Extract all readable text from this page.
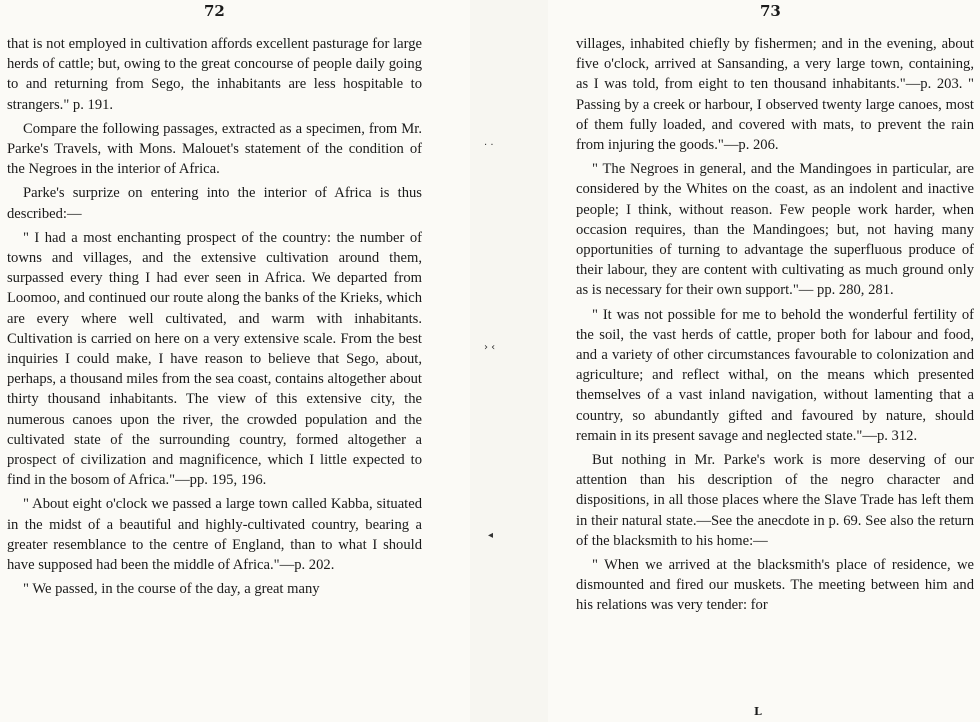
72

that is not employed in cultivation affords excellent pasturage for large herds of cattle; but, owing to the great concourse of people daily going to and returning from Sego, the inhabitants are less hospitable to strangers." p. 191.

Compare the following passages, extracted as a specimen, from Mr. Parke's Travels, with Mons. Malouet's statement of the condition of the Negroes in the interior of Africa.

Parke's surprize on entering into the interior of Africa is thus described:—

" I had a most enchanting prospect of the country: the number of towns and villages, and the extensive cultivation around them, surpassed every thing I had ever seen in Africa. We departed from Loomoo, and continued our route along the banks of the Krieks, which are every where well cultivated, and warm with inhabitants. Cultivation is carried on here on a very extensive scale. From the best inquiries I could make, I have reason to believe that Sego, about, perhaps, a thousand miles from the sea coast, contains altogether about thirty thousand inhabitants. The view of this extensive city, the numerous canoes upon the river, the crowded population and the cultivated state of the surrounding country, formed altogether a prospect of civilization and magnificence, which I little expected to find in the bosom of Africa."—pp. 195, 196.

" About eight o'clock we passed a large town called Kabba, situated in the midst of a beautiful and highly-cultivated country, bearing a greater resemblance to the centre of England, than to what I should have supposed had been the middle of Africa."—p. 202.

" We passed, in the course of the day, a great many

· ·
› ‹
◂
73

villages, inhabited chiefly by fishermen; and in the evening, about five o'clock, arrived at Sansanding, a very large town, containing, as I was told, from eight to ten thousand inhabitants."—p. 203. " Passing by a creek or harbour, I observed twenty large canoes, most of them fully loaded, and covered with mats, to prevent the rain from injuring the goods."—p. 206.

" The Negroes in general, and the Mandingoes in particular, are considered by the Whites on the coast, as an indolent and inactive people; I think, without reason. Few people work harder, when occasion requires, than the Mandingoes; but, not having many opportunities of turning to advantage the superfluous produce of their labour, they are content with cultivating as much ground only as is necessary for their own support."— pp. 280, 281.

" It was not possible for me to behold the wonderful fertility of the soil, the vast herds of cattle, proper both for labour and food, and a variety of other circumstances favourable to colonization and agriculture; and reflect withal, on the means which presented themselves of a vast inland navigation, without lamenting that a country, so abundantly gifted and favoured by nature, should remain in its present savage and neglected state."—p. 312.

But nothing in Mr. Parke's work is more deserving of our attention than his description of the negro character and dispositions, in all those places where the Slave Trade has left them in their natural state.—See the anecdote in p. 69. See also the return of the blacksmith to his home:—

" When we arrived at the blacksmith's place of residence, we dismounted and fired our muskets. The meeting between him and his relations was very tender: for

L
